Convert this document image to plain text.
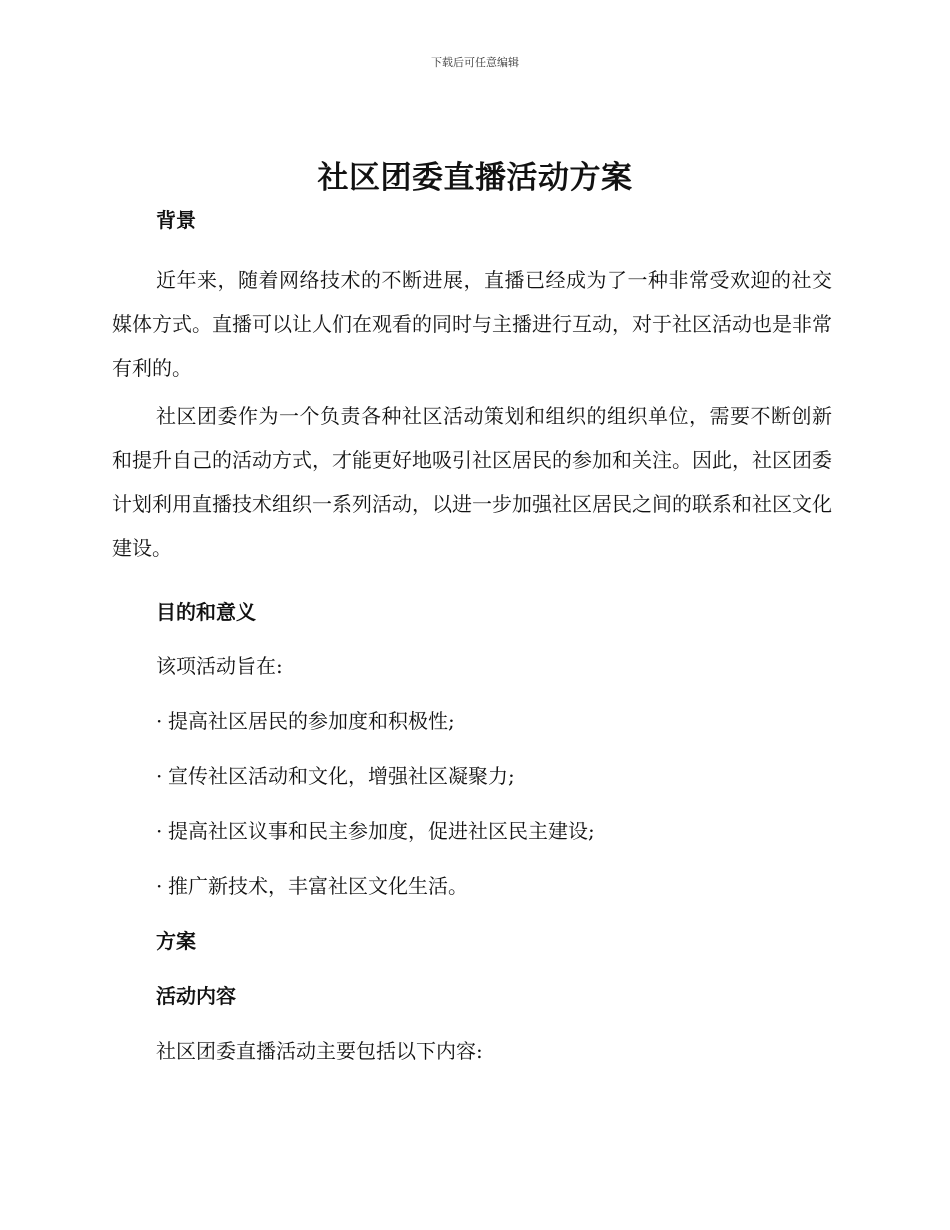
下载后可任意编辑
社区团委直播活动方案
背景

近年来，随着网络技术的不断进展，直播已经成为了一种非常受欢迎的社交媒体方式。直播可以让人们在观看的同时与主播进行互动，对于社区活动也是非常有利的。

社区团委作为一个负责各种社区活动策划和组织的组织单位，需要不断创新和提升自己的活动方式，才能更好地吸引社区居民的参加和关注。因此，社区团委计划利用直播技术组织一系列活动，以进一步加强社区居民之间的联系和社区文化建设。

目的和意义
该项活动旨在:
· 提高社区居民的参加度和积极性;
· 宣传社区活动和文化，增强社区凝聚力;
· 提高社区议事和民主参加度，促进社区民主建设;
· 推广新技术，丰富社区文化生活。
方案
活动内容
社区团委直播活动主要包括以下内容:
